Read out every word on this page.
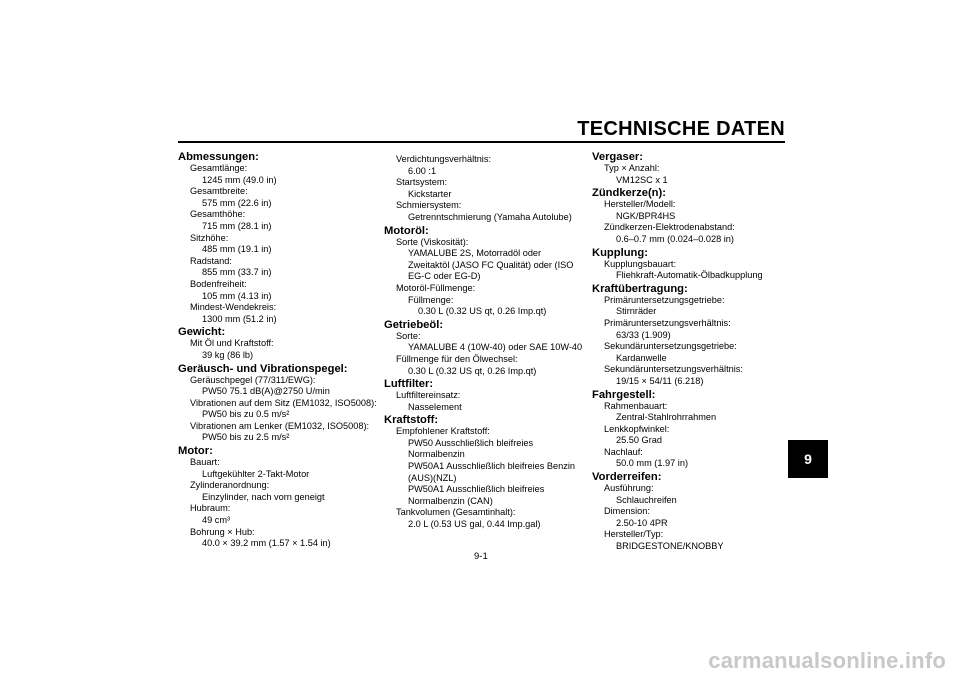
TECHNISCHE DATEN
Abmessungen:
Gesamtlänge:
1245 mm (49.0 in)
Gesamtbreite:
575 mm (22.6 in)
Gesamthöhe:
715 mm (28.1 in)
Sitzhöhe:
485 mm (19.1 in)
Radstand:
855 mm (33.7 in)
Bodenfreiheit:
105 mm (4.13 in)
Mindest-Wendekreis:
1300 mm (51.2 in)
Gewicht:
Mit Öl und Kraftstoff:
39 kg (86 lb)
Geräusch- und Vibrationspegel:
Geräuschpegel (77/311/EWG):
PW50 75.1 dB(A)@2750 U/min
Vibrationen auf dem Sitz (EM1032, ISO5008):
PW50 bis zu 0.5 m/s²
Vibrationen am Lenker (EM1032, ISO5008):
PW50 bis zu 2.5 m/s²
Motor:
Bauart:
Luftgekühlter 2-Takt-Motor
Zylinderanordnung:
Einzylinder, nach vorn geneigt
Hubraum:
49 cm³
Bohrung × Hub:
40.0 × 39.2 mm (1.57 × 1.54 in)
Verdichtungsverhältnis:
6.00 :1
Startsystem:
Kickstarter
Schmiersystem:
Getrenntschmierung (Yamaha Autolube)
Motoröl:
Sorte (Viskosität):
YAMALUBE 2S, Motorradöl oder
Zweitaktöl (JASO FC Qualität) oder (ISO
EG-C oder EG-D)
Motoröl-Füllmenge:
Füllmenge:
0.30 L (0.32 US qt, 0.26 Imp.qt)
Getriebeöl:
Sorte:
YAMALUBE 4 (10W-40) oder SAE 10W-40
Füllmenge für den Ölwechsel:
0.30 L (0.32 US qt, 0.26 Imp.qt)
Luftfilter:
Luftfiltereinsatz:
Nasselement
Kraftstoff:
Empfohlener Kraftstoff:
PW50 Ausschließlich bleifreies
Normalbenzin
PW50A1 Ausschließlich bleifreies Benzin
(AUS)(NZL)
PW50A1 Ausschließlich bleifreies
Normalbenzin (CAN)
Tankvolumen (Gesamtinhalt):
2.0 L (0.53 US gal, 0.44 Imp.gal)
Vergaser:
Typ × Anzahl:
VM12SC x 1
Zündkerze(n):
Hersteller/Modell:
NGK/BPR4HS
Zündkerzen-Elektrodenabstand:
0.6–0.7 mm (0.024–0.028 in)
Kupplung:
Kupplungsbauart:
Fliehkraft-Automatik-Ölbadkupplung
Kraftübertragung:
Primäruntersetzungsgetriebe:
Stirnräder
Primäruntersetzungsverhältnis:
63/33 (1.909)
Sekundäruntersetzungsgetriebe:
Kardanwelle
Sekundäruntersetzungsverhältnis:
19/15 × 54/11 (6.218)
Fahrgestell:
Rahmenbauart:
Zentral-Stahlrohrrahmen
Lenkkopfwinkel:
25.50 Grad
Nachlauf:
50.0 mm (1.97 in)
Vorderreifen:
Ausführung:
Schlauchreifen
Dimension:
2.50-10 4PR
Hersteller/Typ:
BRIDGESTONE/KNOBBY
9-1
9
carmanualsonline.info
